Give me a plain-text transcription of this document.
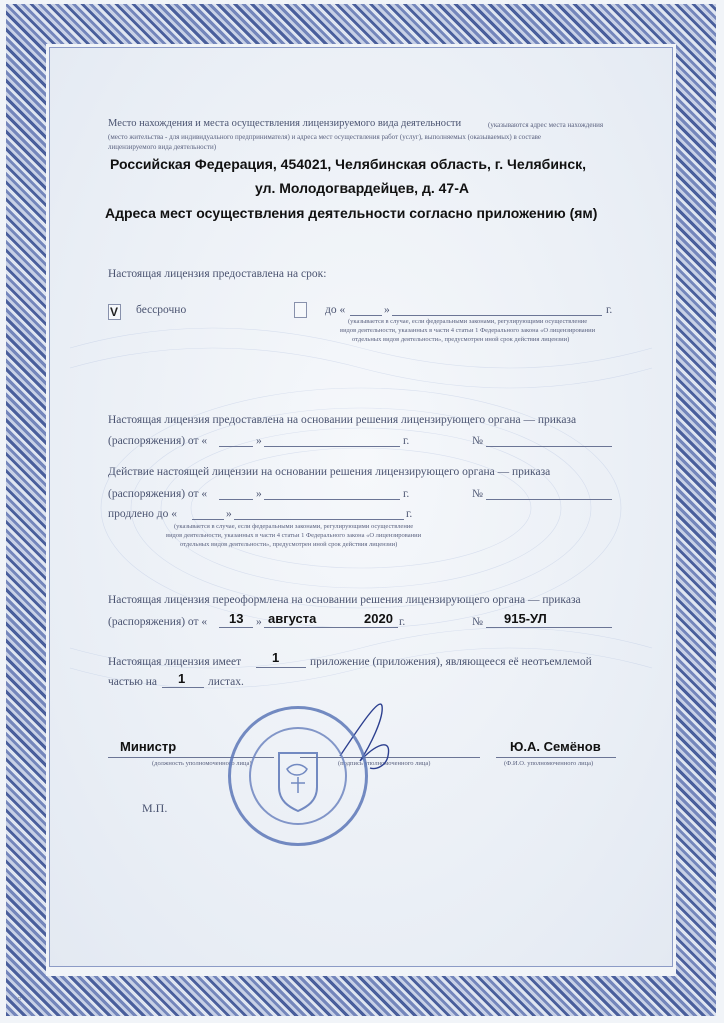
Место нахождения и места осуществления лицензируемого вида деятельности	(указываются адрес места нахождения
(место жительства - для индивидуального предпринимателя) и адреса мест осуществления работ (услуг), выполняемых (оказываемых) в составе
лицензируемого вида деятельности)
Российская Федерация, 454021, Челябинская область, г. Челябинск,
ул. Молодогвардейцев, д. 47-А
Адреса мест осуществления деятельности согласно приложению (ям)
Настоящая лицензия предоставлена на срок:
V бессрочно	до «	»	г.
(указывается в случае, если федеральными законами, регулирующими осуществление
видов деятельности, указанных в части 4 статьи 1 Федерального закона «О лицензировании
отдельных видов деятельности», предусмотрен иной срок действия лицензии)
Настоящая лицензия предоставлена на основании решения лицензирующего органа — приказа
(распоряжения) от «	»	г.	№
Действие настоящей лицензии на основании решения лицензирующего органа — приказа
(распоряжения) от «	»	г.	№
продлено до «	»	г.
(указывается в случае, если федеральными законами, регулирующими осуществление
видов деятельности, указанных в части 4 статьи 1 Федерального закона «О лицензировании
отдельных видов деятельности», предусмотрен иной срок действия лицензии)
Настоящая лицензия переоформлена на основании решения лицензирующего органа — приказа
(распоряжения) от « 13 » августа	2020 г.	№ 915-УЛ
Настоящая лицензия имеет 1	приложение (приложения), являющееся её неотъемлемой
частью на 1 листах.
Министр
(должность уполномоченного лица)	(подпись уполномоченного лица)
Ю.А. Семёнов
(Ф.И.О. уполномоченного лица)
М.П.
□
